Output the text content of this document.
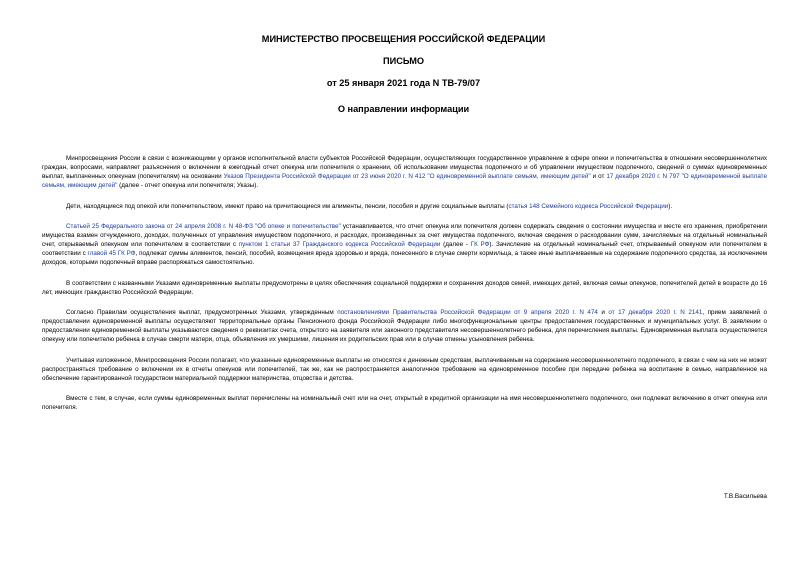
МИНИСТЕРСТВО ПРОСВЕЩЕНИЯ РОССИЙСКОЙ ФЕДЕРАЦИИ
ПИСЬМО
от 25 января 2021 года N ТВ-79/07
О направлении информации

Минпросвещения России в связи с возникающими у органов исполнительной власти субъектов Российской Федерации, осуществляющих государственное управление в сфере опеки и попечительства в отношении несовершеннолетних граждан, вопросами, направляет разъяснения о включении в ежегодный отчет опекуна или попечителя о хранении, об использовании имущества подопечного и об управлении имуществом подопечного, сведений о суммах единовременных выплат, выплаченных опекунам (попечителям) на основании Указов Президента Российской Федерации от 23 июня 2020 г. N 412 "О единовременной выплате семьям, имеющим детей" и от 17 декабря 2020 г. N 797 "О единовременной выплате семьям, имеющим детей" (далее - отчет опекуна или попечителя; Указы).

Дети, находящиеся под опекой или попечительством, имеют право на причитающиеся им алименты, пенсии, пособия и другие социальные выплаты (статья 148 Семейного кодекса Российской Федерации).

Статьей 25 Федерального закона от 24 апреля 2008 г. N 48-ФЗ "Об опеке и попечительстве" устанавливается, что отчет опекуна или попечителя должен содержать сведения о состоянии имущества и месте его хранения, приобретении имущества взамен отчужденного, доходах, полученных от управления имуществом подопечного, и расходах, произведенных за счет имущества подопечного, включая сведения о расходовании сумм, зачисляемых на отдельный номинальный счет, открываемый опекуном или попечителем в соответствии с пунктом 1 статьи 37 Гражданского кодекса Российской Федерации (далее - ГК РФ). Зачисление на отдельный номинальный счет, открываемый опекуном или попечителем в соответствии с главой 45 ГК РФ, подлежат суммы алиментов, пенсий, пособий, возмещения вреда здоровью и вреда, понесенного в случае смерти кормильца, а также иные выплачиваемые на содержание подопечного средства, за исключением доходов, которыми подопечный вправе распоряжаться самостоятельно.

В соответствии с названными Указами единовременные выплаты предусмотрены в целях обеспечения социальной поддержки и сохранения доходов семей, имеющих детей, включая семьи опекунов, попечителей детей в возрасте до 16 лет, имеющих гражданство Российской Федерации.

Согласно Правилам осуществления выплат, предусмотренных Указами, утвержденным постановлениями Правительства Российской Федерации от 9 апреля 2020 г. N 474 и от 17 декабря 2020 г. N 2141, прием заявлений о предоставлении единовременной выплаты осуществляют территориальные органы Пенсионного фонда Российской Федерации либо многофункциональные центры предоставления государственных и муниципальных услуг. В заявлении о предоставлении единовременной выплаты указываются сведения о реквизитах счета, открытого на заявителя или законного представителя несовершеннолетнего ребенка, для перечисления выплаты. Единовременная выплата осуществляется опекуну или попечителю ребенка в случае смерти матери, отца, объявления их умершими, лишения их родительских прав или в случае отмены усыновления ребенка.

Учитывая изложенное, Минпросвещения России полагает, что указанные единовременные выплаты не относятся к денежным средствам, выплачиваемым на содержание несовершеннолетнего подопечного, в связи с чем на них не может распространяться требование о включении их в отчеты опекунов или попечителей, так же, как не распространяется аналогичное требование на единовременное пособие при передаче ребенка на воспитание в семью, направленное на обеспечение гарантированной государством материальной поддержки материнства, отцовства и детства.

Вместе с тем, в случае, если суммы единовременных выплат перечислены на номинальный счет или на счет, открытый в кредитной организации на имя несовершеннолетнего подопечного, они подлежат включению в отчет опекуна или попечителя.

Т.В.Васильева
